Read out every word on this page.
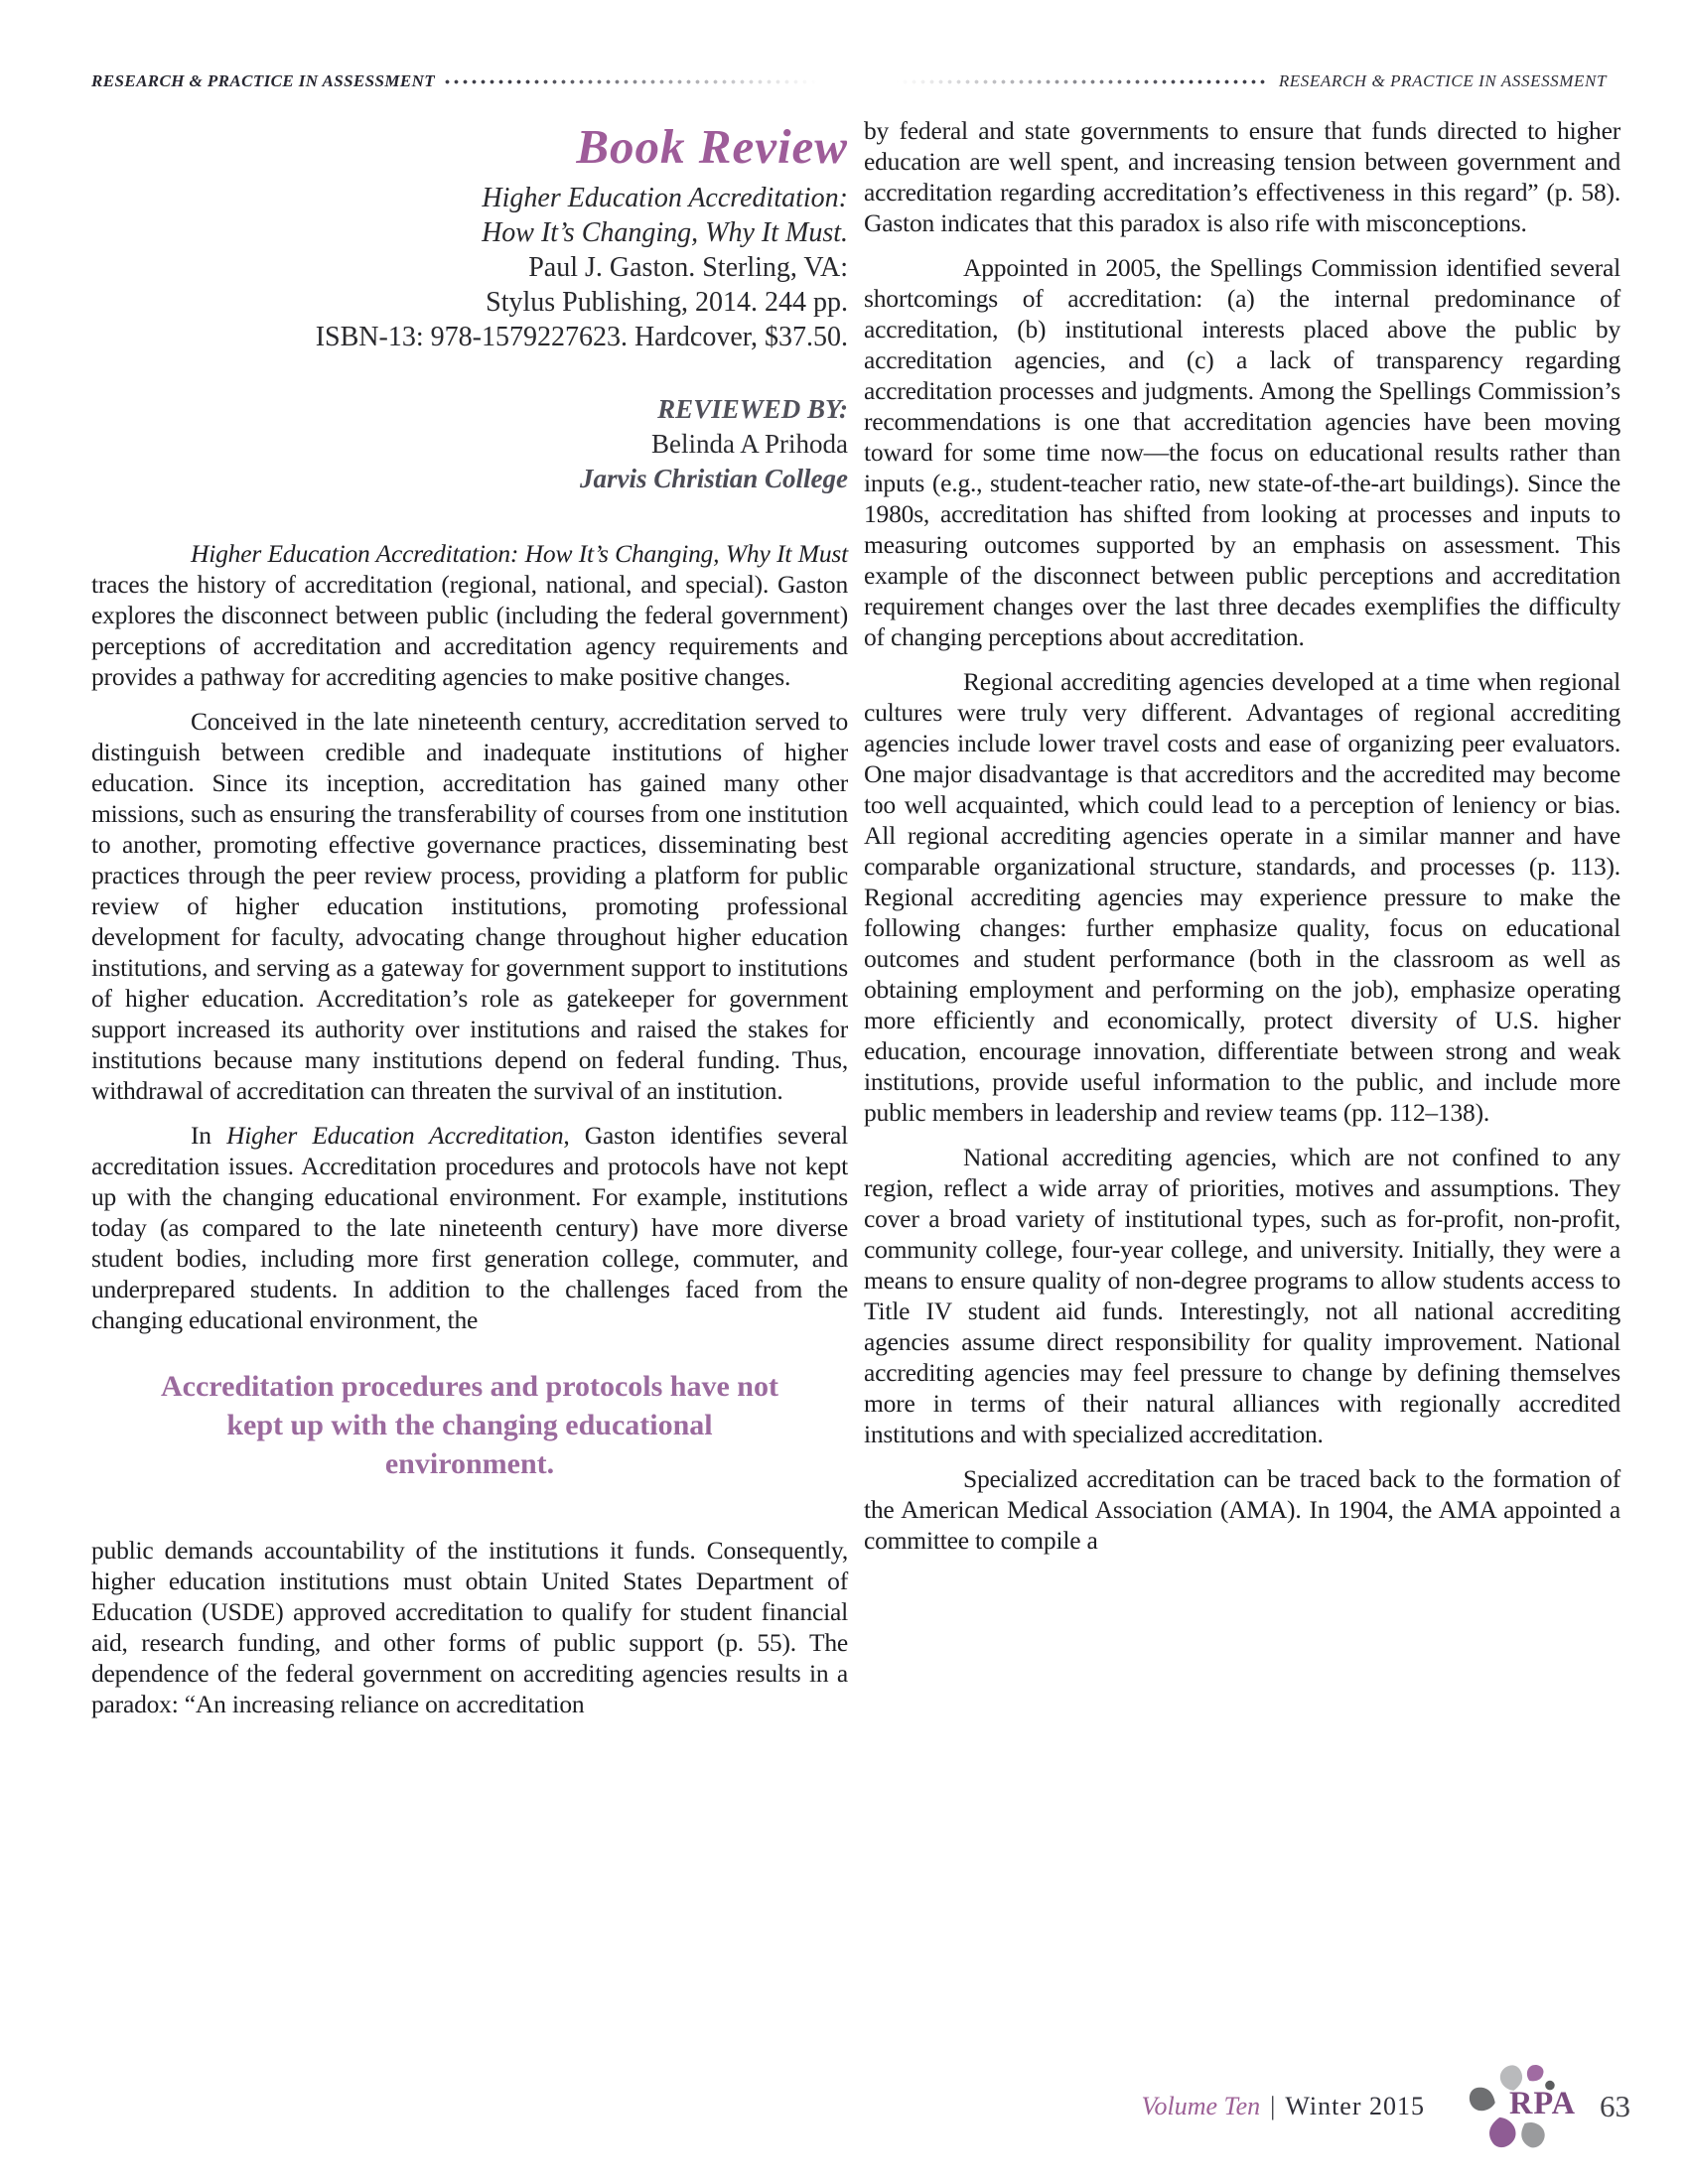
RESEARCH & PRACTICE IN ASSESSMENT	RESEARCH & PRACTICE IN ASSESSMENT
Book Review
Higher Education Accreditation:
How It’s Changing, Why It Must.
Paul J. Gaston. Sterling, VA:
Stylus Publishing, 2014. 244 pp.
ISBN-13: 978-1579227623. Hardcover, $37.50.
REVIEWED BY:
Belinda A Prihoda
Jarvis Christian College

Higher Education Accreditation: How It’s Changing, Why It Must traces the history of accreditation (regional, national, and special). Gaston explores the disconnect between public (including the federal government) perceptions of accreditation and accreditation agency requirements and provides a pathway for accrediting agencies to make positive changes.

Conceived in the late nineteenth century, accreditation served to distinguish between credible and inadequate institutions of higher education. Since its inception, accreditation has gained many other missions, such as ensuring the transferability of courses from one institution to another, promoting effective governance practices, disseminating best practices through the peer review process, providing a platform for public review of higher education institutions, promoting professional development for faculty, advocating change throughout higher education institutions, and serving as a gateway for government support to institutions of higher education. Accreditation’s role as gatekeeper for government support increased its authority over institutions and raised the stakes for institutions because many institutions depend on federal funding. Thus, withdrawal of accreditation can threaten the survival of an institution.

In Higher Education Accreditation, Gaston identifies several accreditation issues. Accreditation procedures and protocols have not kept up with the changing educational environment. For example, institutions today (as compared to the late nineteenth century) have more diverse student bodies, including more first generation college, commuter, and underprepared students. In addition to the challenges faced from the changing educational environment, the

Accreditation procedures and protocols have not kept up with the changing educational environment.

public demands accountability of the institutions it funds. Consequently, higher education institutions must obtain United States Department of Education (USDE) approved accreditation to qualify for student financial aid, research funding, and other forms of public support (p. 55). The dependence of the federal government on accrediting agencies results in a paradox: “An increasing reliance on accreditation

by federal and state governments to ensure that funds directed to higher education are well spent, and increasing tension between government and accreditation regarding accreditation’s effectiveness in this regard” (p. 58). Gaston indicates that this paradox is also rife with misconceptions.

Appointed in 2005, the Spellings Commission identified several shortcomings of accreditation: (a) the internal predominance of accreditation, (b) institutional interests placed above the public by accreditation agencies, and (c) a lack of transparency regarding accreditation processes and judgments. Among the Spellings Commission’s recommendations is one that accreditation agencies have been moving toward for some time now—the focus on educational results rather than inputs (e.g., student-teacher ratio, new state-of-the-art buildings). Since the 1980s, accreditation has shifted from looking at processes and inputs to measuring outcomes supported by an emphasis on assessment. This example of the disconnect between public perceptions and accreditation requirement changes over the last three decades exemplifies the difficulty of changing perceptions about accreditation.

Regional accrediting agencies developed at a time when regional cultures were truly very different. Advantages of regional accrediting agencies include lower travel costs and ease of organizing peer evaluators. One major disadvantage is that accreditors and the accredited may become too well acquainted, which could lead to a perception of leniency or bias. All regional accrediting agencies operate in a similar manner and have comparable organizational structure, standards, and processes (p. 113). Regional accrediting agencies may experience pressure to make the following changes: further emphasize quality, focus on educational outcomes and student performance (both in the classroom as well as obtaining employment and performing on the job), emphasize operating more efficiently and economically, protect diversity of U.S. higher education, encourage innovation, differentiate between strong and weak institutions, provide useful information to the public, and include more public members in leadership and review teams (pp. 112–138).

National accrediting agencies, which are not confined to any region, reflect a wide array of priorities, motives and assumptions. They cover a broad variety of institutional types, such as for-profit, non-profit, community college, four-year college, and university. Initially, they were a means to ensure quality of non-degree programs to allow students access to Title IV student aid funds. Interestingly, not all national accrediting agencies assume direct responsibility for quality improvement. National accrediting agencies may feel pressure to change by defining themselves more in terms of their natural alliances with regionally accredited institutions and with specialized accreditation.

Specialized accreditation can be traced back to the formation of the American Medical Association (AMA). In 1904, the AMA appointed a committee to compile a

Volume Ten | Winter 2015	RPA 63
